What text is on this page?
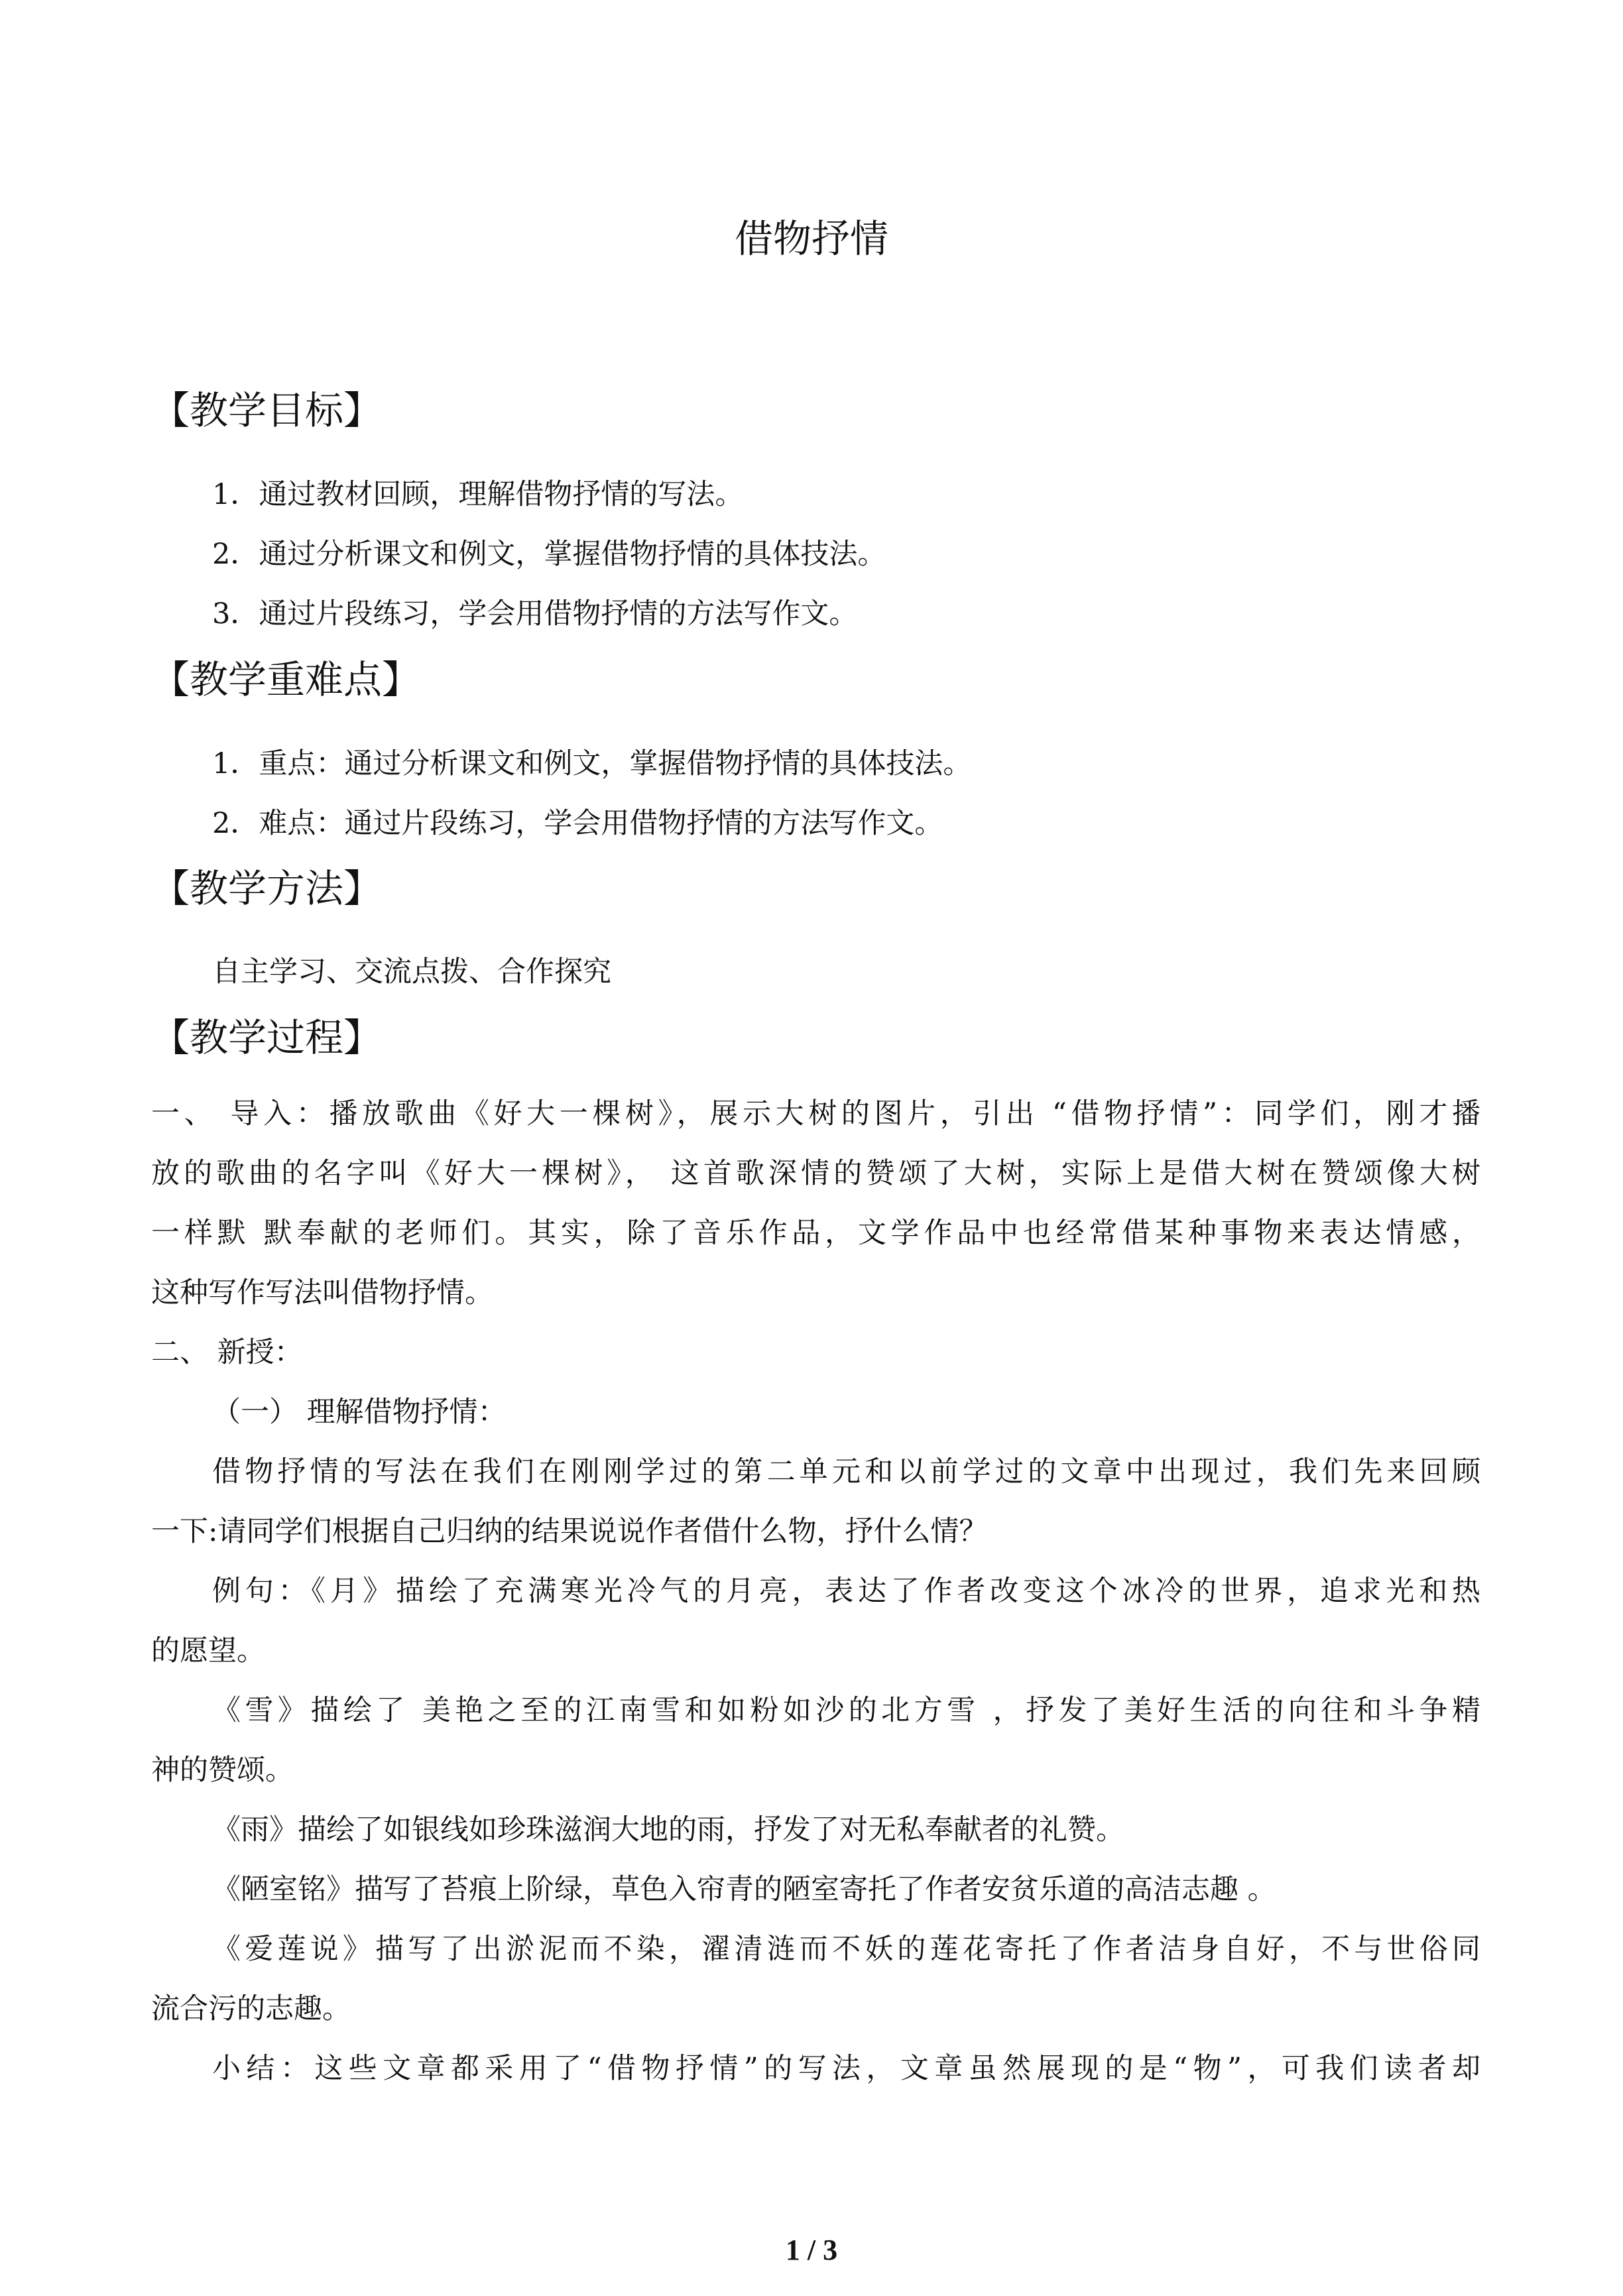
借物抒情
【教学目标】
1．通过教材回顾，理解借物抒情的写法。
2．通过分析课文和例文，掌握借物抒情的具体技法。
3．通过片段练习，学会用借物抒情的方法写作文。
【教学重难点】
1．重点：通过分析课文和例文，掌握借物抒情的具体技法。
2．难点：通过片段练习，学会用借物抒情的方法写作文。
【教学方法】
自主学习、交流点拨、合作探究
【教学过程】
一、 导入：播放歌曲《好大一棵树》，展示大树的图片，引出 “借物抒情”：同学们，刚才播
放的歌曲的名字叫《好大一棵树》， 这首歌深情的赞颂了大树，实际上是借大树在赞颂像大树
一样默 默奉献的老师们。其实，除了音乐作品，文学作品中也经常借某种事物来表达情感，
这种写作写法叫借物抒情。
二、 新授：
（一） 理解借物抒情：
借物抒情的写法在我们在刚刚学过的第二单元和以前学过的文章中出现过，我们先来回顾
一下:请同学们根据自己归纳的结果说说作者借什么物，抒什么情？
例句：《月》描绘了充满寒光冷气的月亮，表达了作者改变这个冰冷的世界，追求光和热
的愿望。
《雪》描绘了 美艳之至的江南雪和如粉如沙的北方雪 ，抒发了美好生活的向往和斗争精
神的赞颂。
《雨》描绘了如银线如珍珠滋润大地的雨，抒发了对无私奉献者的礼赞。
《陋室铭》描写了苔痕上阶绿，草色入帘青的陋室寄托了作者安贫乐道的高洁志趣 。
《爱莲说》描写了出淤泥而不染，濯清涟而不妖的莲花寄托了作者洁身自好，不与世俗同
流合污的志趣。
小结：这些文章都采用了“借物抒情”的写法，文章虽然展现的是“物”，可我们读者却
1 / 3
